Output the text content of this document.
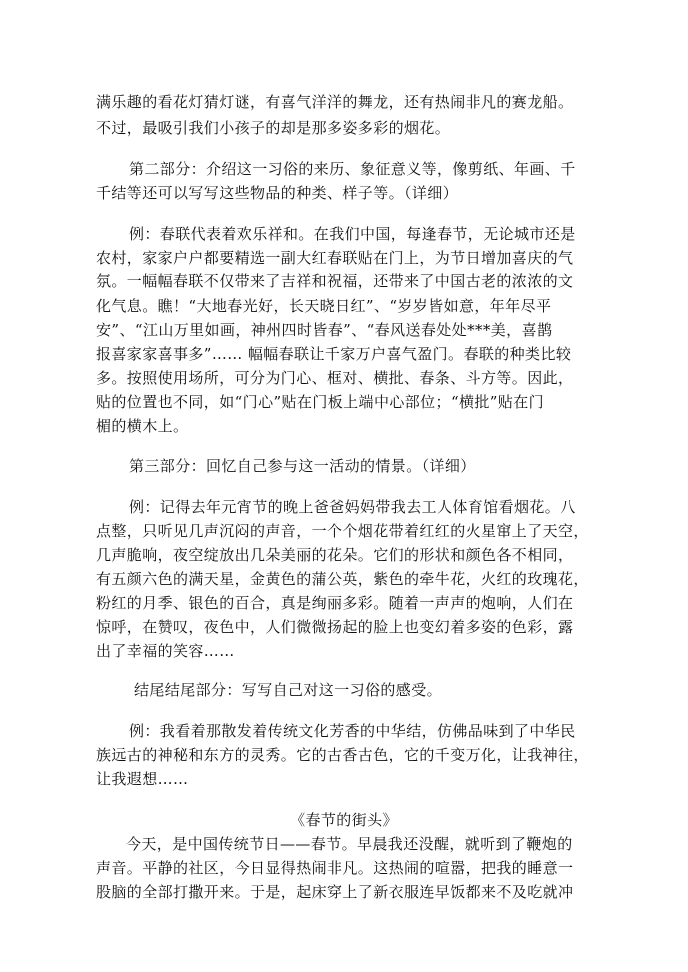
满乐趣的看花灯猜灯谜，有喜气洋洋的舞龙，还有热闹非凡的赛龙船。
不过，最吸引我们小孩子的却是那多姿多彩的烟花。
第二部分：介绍这一习俗的来历、象征意义等，像剪纸、年画、千
千结等还可以写写这些物品的种类、样子等。（详细）
例：春联代表着欢乐祥和。在我们中国，每逢春节，无论城市还是
农村，家家户户都要精选一副大红春联贴在门上，为节日增加喜庆的气
氛。一幅幅春联不仅带来了吉祥和祝福，还带来了中国古老的浓浓的文
化气息。瞧！“大地春光好，长天晓日红”、“岁岁皆如意，年年尽平
安”、“江山万里如画，神州四时皆春”、“春风送春处处***美，喜鹊
报喜家家喜事多”…… 幅幅春联让千家万户喜气盈门。春联的种类比较
多。按照使用场所，可分为门心、框对、横批、春条、斗方等。因此，
贴的位置也不同，如“门心”贴在门板上端中心部位；“横批”贴在门
楣的横木上。
第三部分：回忆自己参与这一活动的情景。（详细）
例：记得去年元宵节的晚上爸爸妈妈带我去工人体育馆看烟花。八
点整，只听见几声沉闷的声音，一个个烟花带着红红的火星窜上了天空，
几声脆响，夜空绽放出几朵美丽的花朵。它们的形状和颜色各不相同，
有五颜六色的满天星，金黄色的蒲公英，紫色的牵牛花，火红的玫瑰花，
粉红的月季、银色的百合，真是绚丽多彩。随着一声声的炮响，人们在
惊呼，在赞叹，夜色中，人们微微扬起的脸上也变幻着多姿的色彩，露
出了幸福的笑容……
结尾结尾部分：写写自己对这一习俗的感受。
例：我看着那散发着传统文化芳香的中华结，仿佛品味到了中华民
族远古的神秘和东方的灵秀。它的古香古色，它的千变万化，让我神往，
让我遐想……
《春节的街头》
今天，是中国传统节日——春节。早晨我还没醒，就听到了鞭炮的
声音。平静的社区，今日显得热闹非凡。这热闹的喧嚣，把我的睡意一
股脑的全部打撒开来。于是，起床穿上了新衣服连早饭都来不及吃就冲
